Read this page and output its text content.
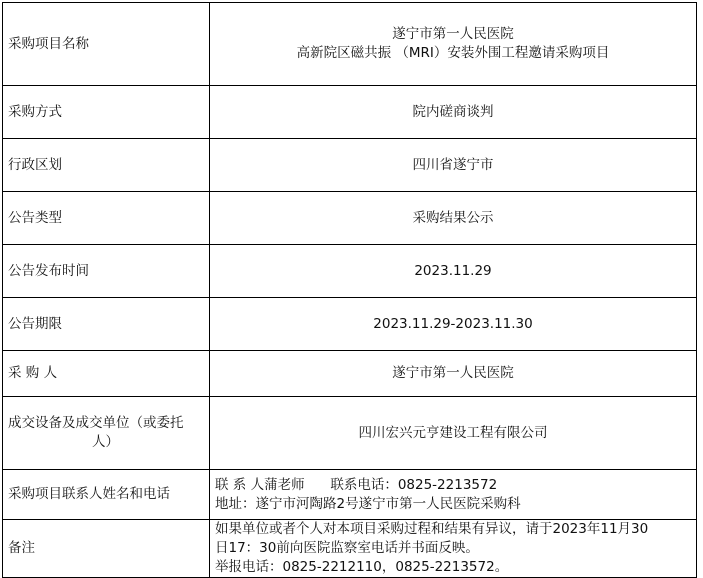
采购项目名称	遂宁市第一人民医院
高新院区磁共振 （MRI）安装外围工程邀请采购项目

采购方式	院内磋商谈判
行政区划	四川省遂宁市
公告类型	采购结果公示
公告发布时间	2023.11.29
公告期限	2023.11.29-2023.11.30
采 购 人	遂宁市第一人民医院

成交设备及成交单位（或委托
人）	四川宏兴元亨建设工程有限公司
采购项目联系人姓名和电话	联 系 人蒲老师      联系电话：0825-2213572
地址：遂宁市河陶路2号遂宁市第一人民医院采购科

备注	如果单位或者个人对本项目采购过程和结果有异议，请于2023年11月30
日17：30前向医院监察室电话并书面反映。
举报电话：0825-2212110，0825-2213572。
